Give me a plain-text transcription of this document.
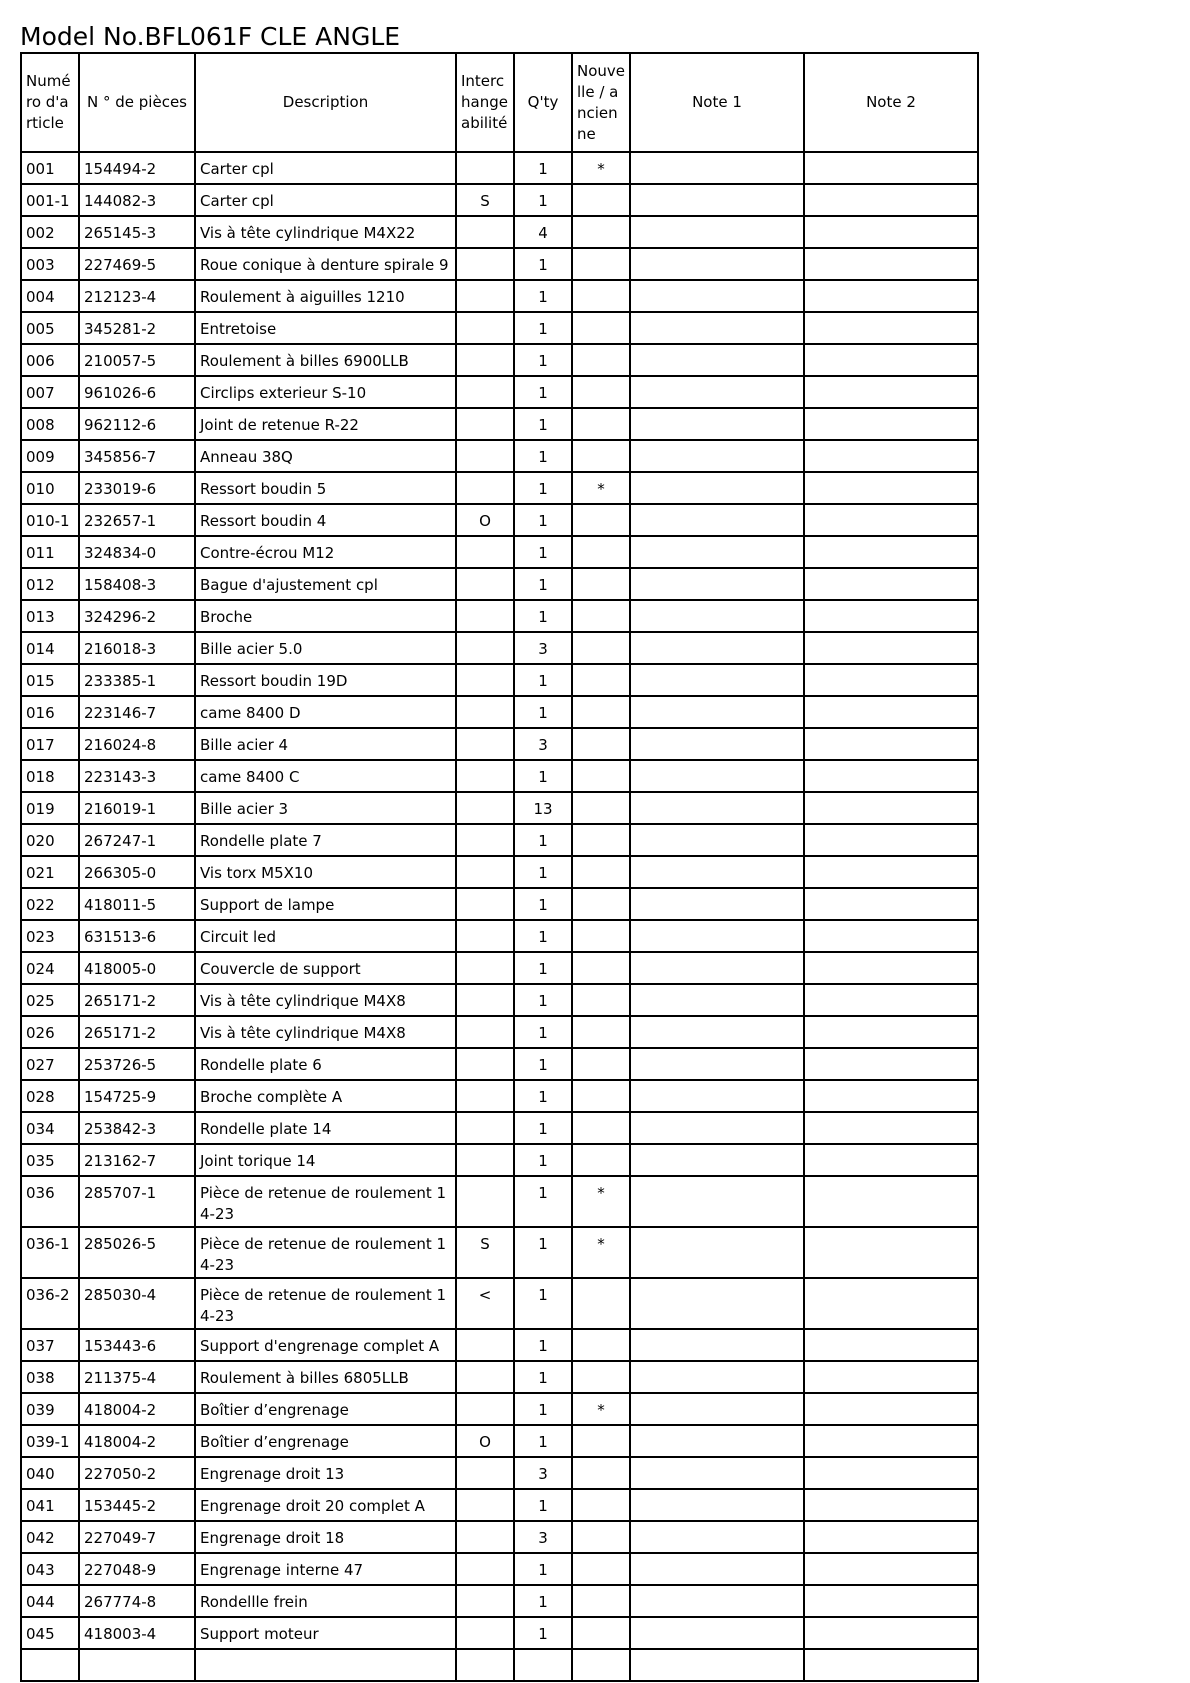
Model No.BFL061F CLE ANGLE
Numéro d'article	N ° de pièces	Description	Interchangeabilité	Q'ty	Nouvelle / ancienne	Note 1	Note 2
001	154494-2	Carter cpl		1	*		
001-1	144082-3	Carter cpl	S	1			
002	265145-3	Vis à tête cylindrique M4X22		4			
003	227469-5	Roue conique à denture spirale 9		1			
004	212123-4	Roulement à aiguilles 1210		1			
005	345281-2	Entretoise		1			
006	210057-5	Roulement à billes 6900LLB		1			
007	961026-6	Circlips exterieur S-10		1			
008	962112-6	Joint de retenue R-22		1			
009	345856-7	Anneau 38Q		1			
010	233019-6	Ressort boudin 5		1	*		
010-1	232657-1	Ressort boudin 4	O	1			
011	324834-0	Contre-écrou M12		1			
012	158408-3	Bague d'ajustement cpl		1			
013	324296-2	Broche		1			
014	216018-3	Bille acier 5.0		3			
015	233385-1	Ressort boudin 19D		1			
016	223146-7	came 8400 D		1			
017	216024-8	Bille acier 4		3			
018	223143-3	came 8400 C		1			
019	216019-1	Bille acier 3		13			
020	267247-1	Rondelle plate 7		1			
021	266305-0	Vis torx M5X10		1			
022	418011-5	Support de lampe		1			
023	631513-6	Circuit led		1			
024	418005-0	Couvercle de support		1			
025	265171-2	Vis à tête cylindrique M4X8		1			
026	265171-2	Vis à tête cylindrique M4X8		1			
027	253726-5	Rondelle plate 6		1			
028	154725-9	Broche complète A		1			
034	253842-3	Rondelle plate 14		1			
035	213162-7	Joint torique 14		1			
036	285707-1	Pièce de retenue de roulement 1 4-23		1	*		
036-1	285026-5	Pièce de retenue de roulement 1 4-23	S	1	*		
036-2	285030-4	Pièce de retenue de roulement 1 4-23	<	1			
037	153443-6	Support d'engrenage complet A		1			
038	211375-4	Roulement à billes 6805LLB		1			
039	418004-2	Boîtier d’engrenage		1	*		
039-1	418004-2	Boîtier d’engrenage	O	1			
040	227050-2	Engrenage droit 13		3			
041	153445-2	Engrenage droit 20 complet A		1			
042	227049-7	Engrenage droit 18		3			
043	227048-9	Engrenage interne 47		1			
044	267774-8	Rondellle frein		1			
045	418003-4	Support moteur		1			
